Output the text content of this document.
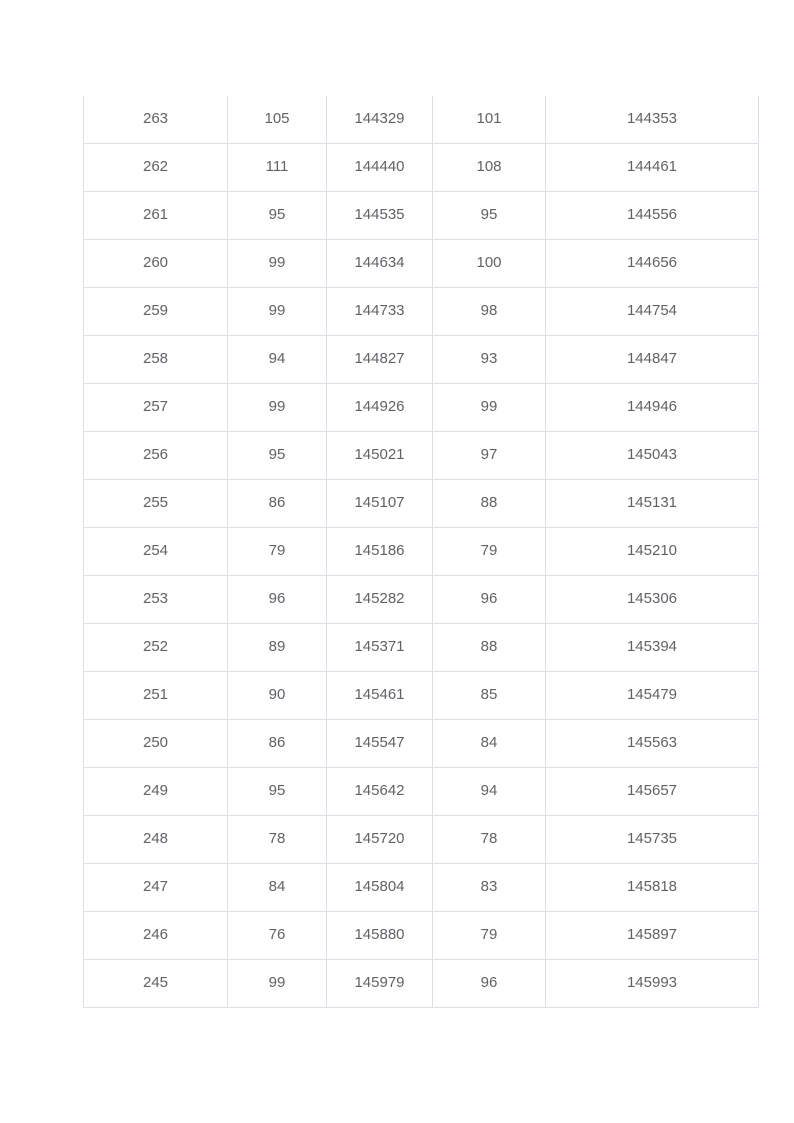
263	105	144329	101	144353
262	111	144440	108	144461
261	95	144535	95	144556
260	99	144634	100	144656
259	99	144733	98	144754
258	94	144827	93	144847
257	99	144926	99	144946
256	95	145021	97	145043
255	86	145107	88	145131
254	79	145186	79	145210
253	96	145282	96	145306
252	89	145371	88	145394
251	90	145461	85	145479
250	86	145547	84	145563
249	95	145642	94	145657
248	78	145720	78	145735
247	84	145804	83	145818
246	76	145880	79	145897
245	99	145979	96	145993
